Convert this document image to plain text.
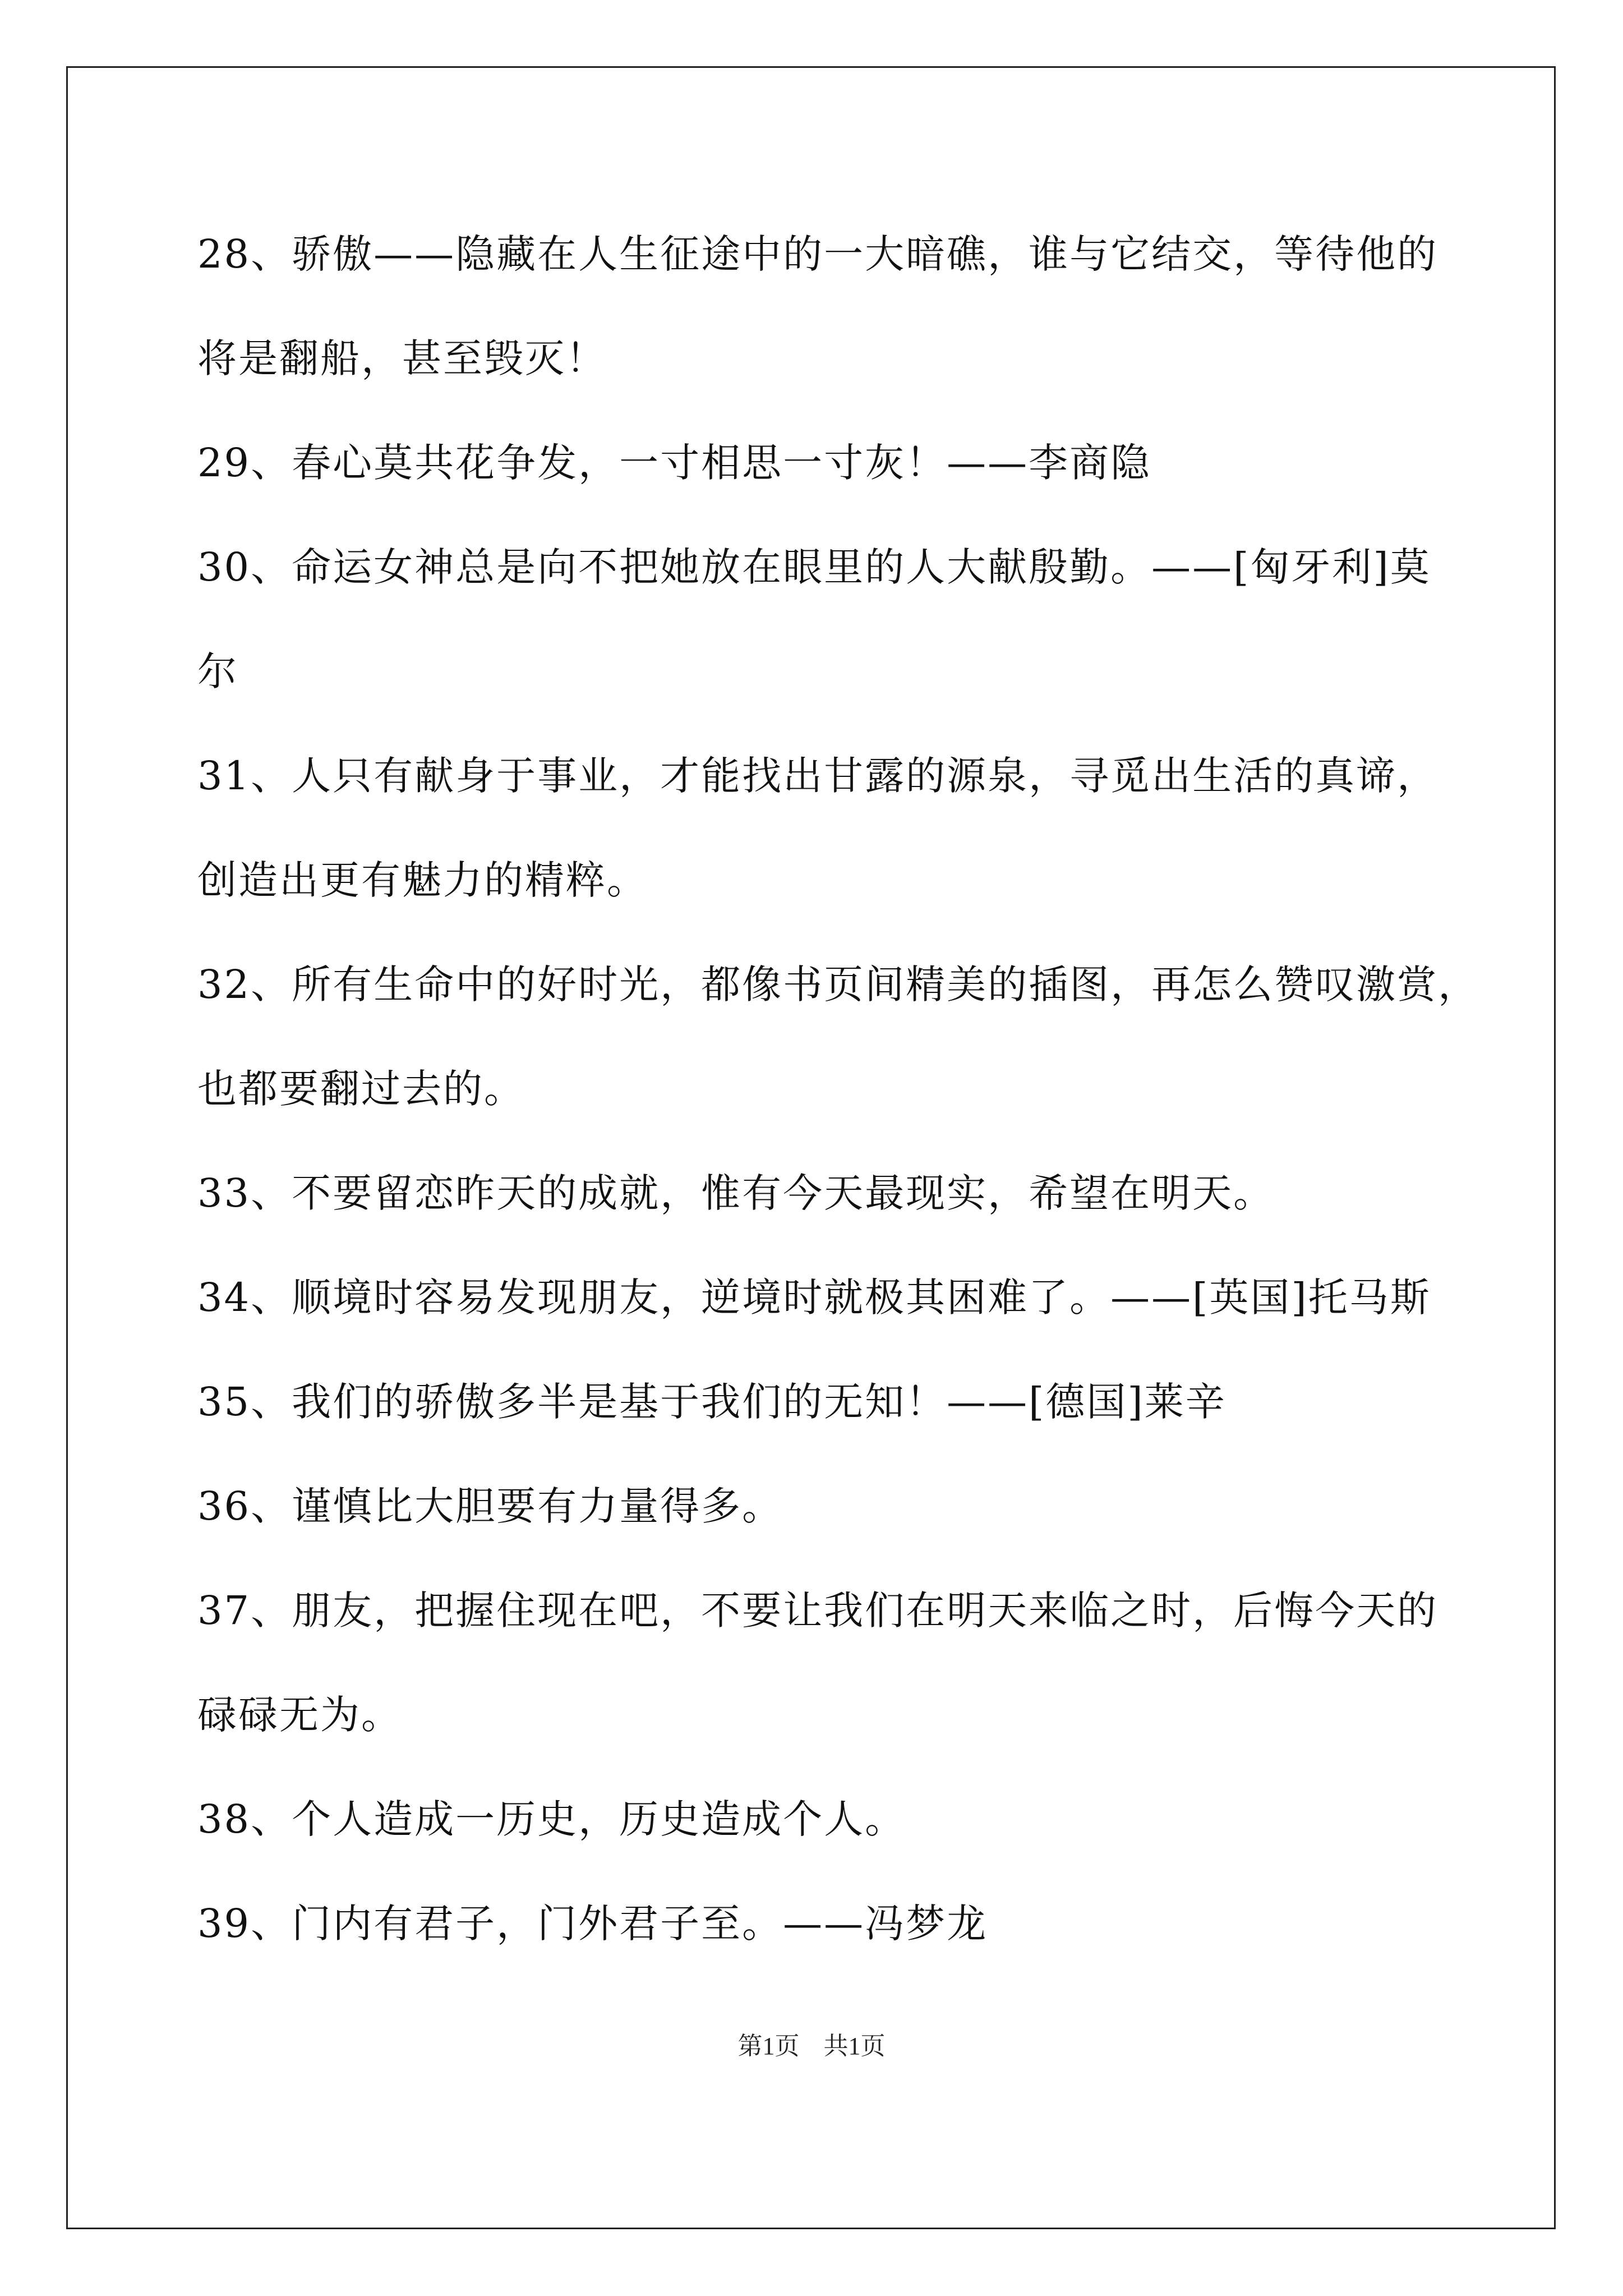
28、骄傲——隐藏在人生征途中的一大暗礁，谁与它结交，等待他的
将是翻船，甚至毁灭！
29、春心莫共花争发，一寸相思一寸灰！——李商隐
30、命运女神总是向不把她放在眼里的人大献殷勤。——[匈牙利]莫
尔
31、人只有献身于事业，才能找出甘露的源泉，寻觅出生活的真谛，
创造出更有魅力的精粹。
32、所有生命中的好时光，都像书页间精美的插图，再怎么赞叹激赏，
也都要翻过去的。
33、不要留恋昨天的成就，惟有今天最现实，希望在明天。
34、顺境时容易发现朋友，逆境时就极其困难了。——[英国]托马斯
35、我们的骄傲多半是基于我们的无知！——[德国]莱辛
36、谨慎比大胆要有力量得多。
37、朋友，把握住现在吧，不要让我们在明天来临之时，后悔今天的
碌碌无为。
38、个人造成一历史，历史造成个人。
39、门内有君子，门外君子至。——冯梦龙
第1页 共1页
